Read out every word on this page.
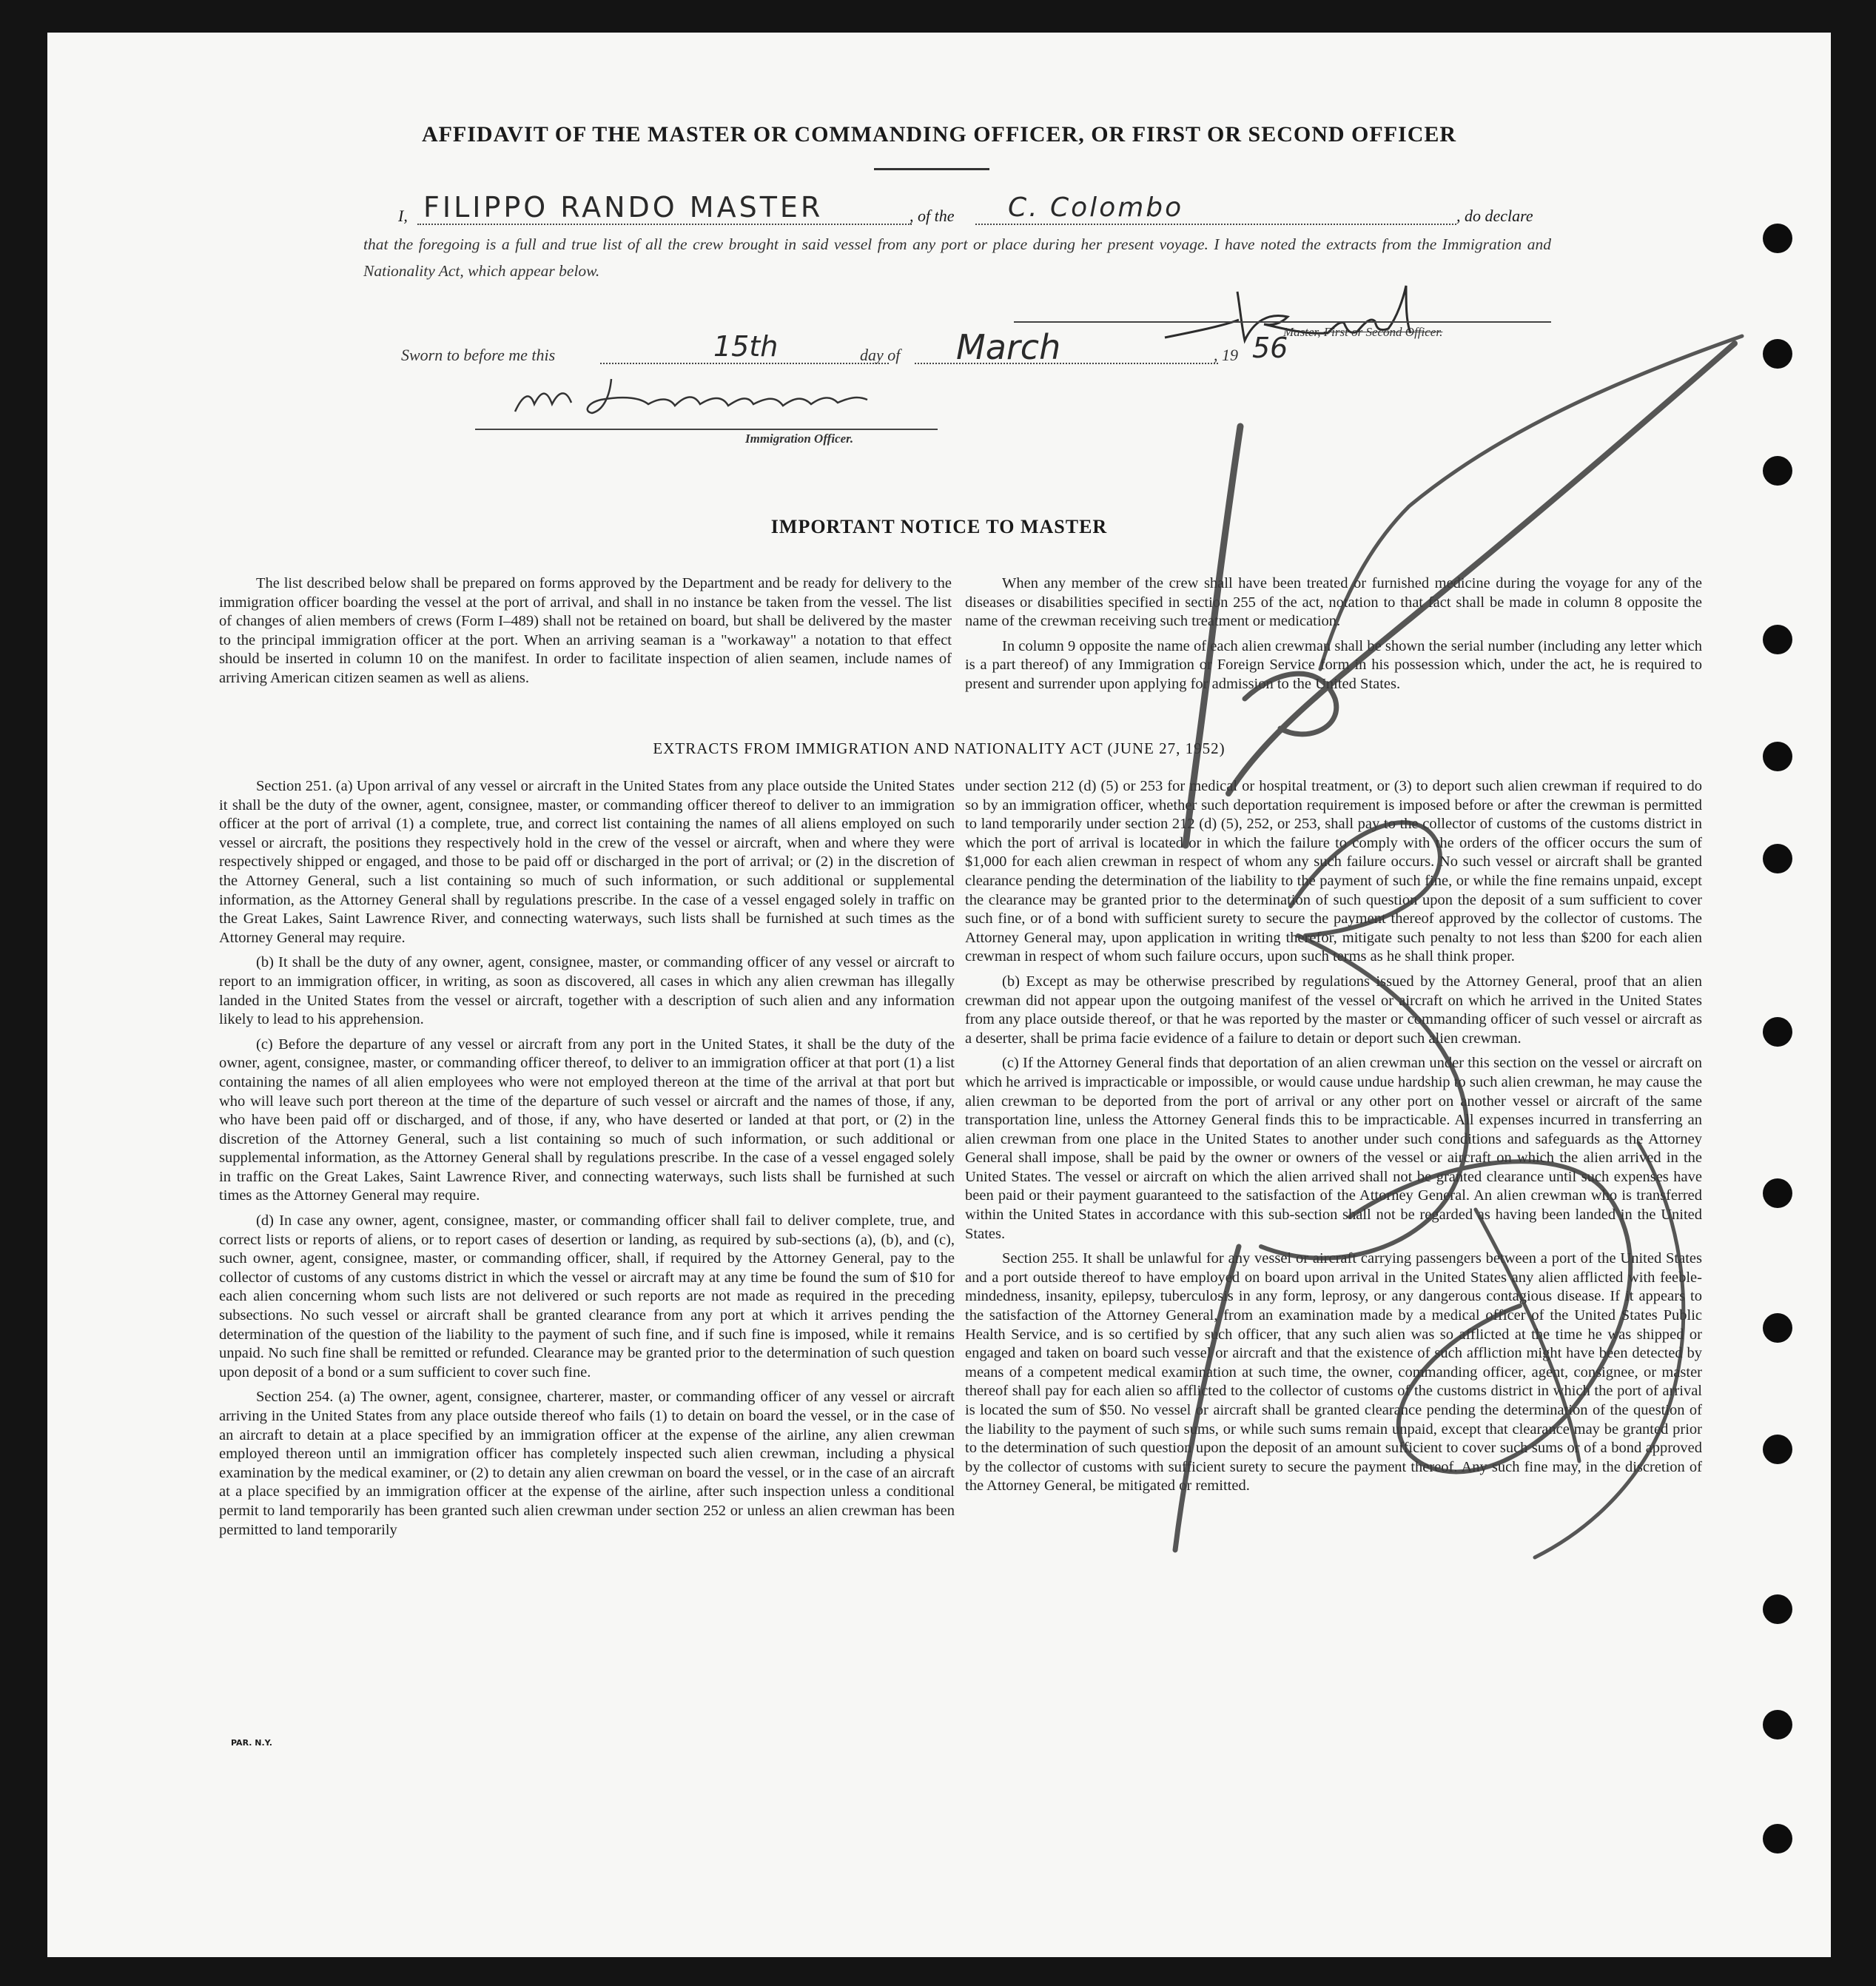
AFFIDAVIT OF THE MASTER OR COMMANDING OFFICER, OR FIRST OR SECOND OFFICER
I, FILIPPO RANDO MASTER	, of the C. Colombo	, do declare
that the foregoing is a full and true list of all the crew brought in said vessel from any port or place during her present voyage. I have noted the extracts from the Immigration and Nationality Act, which appear below.
Master, First or Second Officer.
Sworn to before me this	15th	day of March	, 19 56
Immigration Officer.
IMPORTANT NOTICE TO MASTER

The list described below shall be prepared on forms approved by the Department and be ready for delivery to the immigration officer boarding the vessel at the port of arrival, and shall in no instance be taken from the vessel. The list of changes of alien members of crews (Form I–489) shall not be retained on board, but shall be delivered by the master to the principal immigration officer at the port. When an arriving seaman is a "workaway" a notation to that effect should be inserted in column 10 on the manifest. In order to facilitate inspection of alien seamen, include names of arriving American citizen seamen as well as aliens.

When any member of the crew shall have been treated or furnished medicine during the voyage for any of the diseases or disabilities specified in section 255 of the act, notation to that fact shall be made in column 8 opposite the name of the crewman receiving such treatment or medication.

In column 9 opposite the name of each alien crewman shall be shown the serial number (including any letter which is a part thereof) of any Immigration or Foreign Service form in his possession which, under the act, he is required to present and surrender upon applying for admission to the United States.

EXTRACTS FROM IMMIGRATION AND NATIONALITY ACT (JUNE 27, 1952)

Section 251. (a) Upon arrival of any vessel or aircraft in the United States from any place outside the United States it shall be the duty of the owner, agent, consignee, master, or commanding officer thereof to deliver to an immigration officer at the port of arrival (1) a complete, true, and correct list containing the names of all aliens employed on such vessel or aircraft, the positions they respectively hold in the crew of the vessel or aircraft, when and where they were respectively shipped or engaged, and those to be paid off or discharged in the port of arrival; or (2) in the discretion of the Attorney General, such a list containing so much of such information, or such additional or supplemental information, as the Attorney General shall by regulations prescribe. In the case of a vessel engaged solely in traffic on the Great Lakes, Saint Lawrence River, and connecting waterways, such lists shall be furnished at such times as the Attorney General may require.

(b) It shall be the duty of any owner, agent, consignee, master, or commanding officer of any vessel or aircraft to report to an immigration officer, in writing, as soon as discovered, all cases in which any alien crewman has illegally landed in the United States from the vessel or aircraft, together with a description of such alien and any information likely to lead to his apprehension.

(c) Before the departure of any vessel or aircraft from any port in the United States, it shall be the duty of the owner, agent, consignee, master, or commanding officer thereof, to deliver to an immigration officer at that port (1) a list containing the names of all alien employees who were not employed thereon at the time of the arrival at that port but who will leave such port thereon at the time of the departure of such vessel or aircraft and the names of those, if any, who have been paid off or discharged, and of those, if any, who have deserted or landed at that port, or (2) in the discretion of the Attorney General, such a list containing so much of such information, or such additional or supplemental information, as the Attorney General shall by regulations prescribe. In the case of a vessel engaged solely in traffic on the Great Lakes, Saint Lawrence River, and connecting waterways, such lists shall be furnished at such times as the Attorney General may require.

(d) In case any owner, agent, consignee, master, or commanding officer shall fail to deliver complete, true, and correct lists or reports of aliens, or to report cases of desertion or landing, as required by sub-sections (a), (b), and (c), such owner, agent, consignee, master, or commanding officer, shall, if required by the Attorney General, pay to the collector of customs of any customs district in which the vessel or aircraft may at any time be found the sum of $10 for each alien concerning whom such lists are not delivered or such reports are not made as required in the preceding subsections. No such vessel or aircraft shall be granted clearance from any port at which it arrives pending the determination of the question of the liability to the payment of such fine, and if such fine is imposed, while it remains unpaid. No such fine shall be remitted or refunded. Clearance may be granted prior to the determination of such question upon deposit of a bond or a sum sufficient to cover such fine.

Section 254. (a) The owner, agent, consignee, charterer, master, or commanding officer of any vessel or aircraft arriving in the United States from any place outside thereof who fails (1) to detain on board the vessel, or in the case of an aircraft to detain at a place specified by an immigration officer at the expense of the airline, any alien crewman employed thereon until an immigration officer has completely inspected such alien crewman, including a physical examination by the medical examiner, or (2) to detain any alien crewman on board the vessel, or in the case of an aircraft at a place specified by an immigration officer at the expense of the airline, after such inspection unless a conditional permit to land temporarily has been granted such alien crewman under section 252 or unless an alien crewman has been permitted to land temporarily

under section 212 (d) (5) or 253 for medical or hospital treatment, or (3) to deport such alien crewman if required to do so by an immigration officer, whether such deportation requirement is imposed before or after the crewman is permitted to land temporarily under section 212 (d) (5), 252, or 253, shall pay to the collector of customs of the customs district in which the port of arrival is located or in which the failure to comply with the orders of the officer occurs the sum of $1,000 for each alien crewman in respect of whom any such failure occurs. No such vessel or aircraft shall be granted clearance pending the determination of the liability to the payment of such fine, or while the fine remains unpaid, except the clearance may be granted prior to the determination of such question upon the deposit of a sum sufficient to cover such fine, or of a bond with sufficient surety to secure the payment thereof approved by the collector of customs. The Attorney General may, upon application in writing therefor, mitigate such penalty to not less than $200 for each alien crewman in respect of whom such failure occurs, upon such terms as he shall think proper.

(b) Except as may be otherwise prescribed by regulations issued by the Attorney General, proof that an alien crewman did not appear upon the outgoing manifest of the vessel or aircraft on which he arrived in the United States from any place outside thereof, or that he was reported by the master or commanding officer of such vessel or aircraft as a deserter, shall be prima facie evidence of a failure to detain or deport such alien crewman.

(c) If the Attorney General finds that deportation of an alien crewman under this section on the vessel or aircraft on which he arrived is impracticable or impossible, or would cause undue hardship to such alien crewman, he may cause the alien crewman to be deported from the port of arrival or any other port on another vessel or aircraft of the same transportation line, unless the Attorney General finds this to be impracticable. All expenses incurred in transferring an alien crewman from one place in the United States to another under such conditions and safeguards as the Attorney General shall impose, shall be paid by the owner or owners of the vessel or aircraft on which the alien arrived in the United States. The vessel or aircraft on which the alien arrived shall not be granted clearance until such expenses have been paid or their payment guaranteed to the satisfaction of the Attorney General. An alien crewman who is transferred within the United States in accordance with this sub-section shall not be regarded as having been landed in the United States.

Section 255. It shall be unlawful for any vessel or aircraft carrying passengers between a port of the United States and a port outside thereof to have employed on board upon arrival in the United States any alien afflicted with feeble-mindedness, insanity, epilepsy, tuberculosis in any form, leprosy, or any dangerous contagious disease. If it appears to the satisfaction of the Attorney General, from an examination made by a medical officer of the United States Public Health Service, and is so certified by such officer, that any such alien was so afflicted at the time he was shipped or engaged and taken on board such vessel or aircraft and that the existence of such affliction might have been detected by means of a competent medical examination at such time, the owner, commanding officer, agent, consignee, or master thereof shall pay for each alien so afflicted to the collector of customs of the customs district in which the port of arrival is located the sum of $50. No vessel or aircraft shall be granted clearance pending the determination of the question of the liability to the payment of such sums, or while such sums remain unpaid, except that clearance may be granted prior to the determination of such question upon the deposit of an amount sufficient to cover such sums or of a bond approved by the collector of customs with sufficient surety to secure the payment thereof. Any such fine may, in the discretion of the Attorney General, be mitigated or remitted.

PAR. N.Y.
